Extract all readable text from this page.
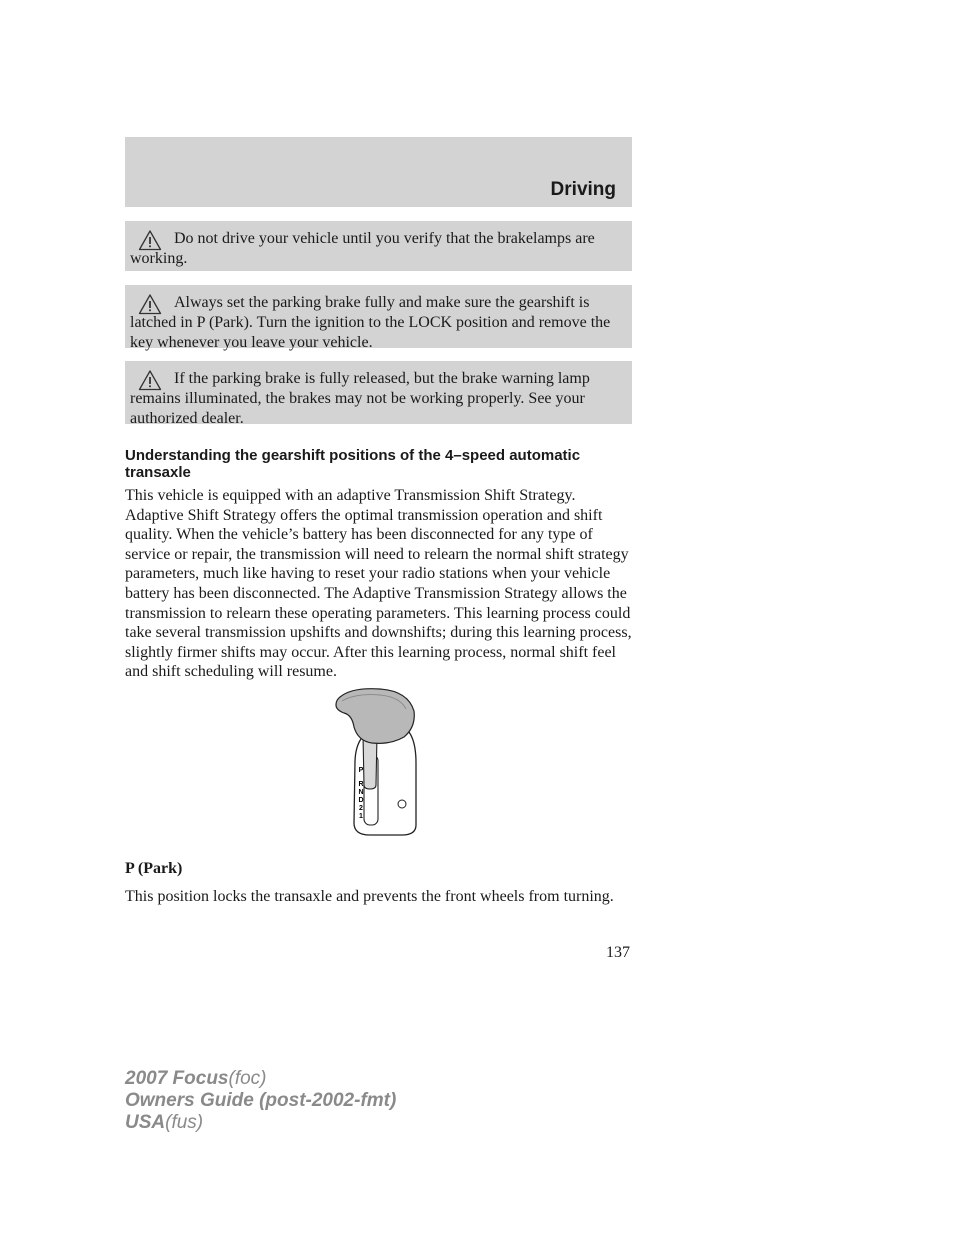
Driving

Do not drive your vehicle until you verify that the brakelamps are working.

Always set the parking brake fully and make sure the gearshift is latched in P (Park). Turn the ignition to the LOCK position and remove the key whenever you leave your vehicle.

If the parking brake is fully released, but the brake warning lamp remains illuminated, the brakes may not be working properly. See your authorized dealer.

Understanding the gearshift positions of the 4–speed automatic transaxle

This vehicle is equipped with an adaptive Transmission Shift Strategy. Adaptive Shift Strategy offers the optimal transmission operation and shift quality. When the vehicle’s battery has been disconnected for any type of service or repair, the transmission will need to relearn the normal shift strategy parameters, much like having to reset your radio stations when your vehicle battery has been disconnected. The Adaptive Transmission Strategy allows the transmission to relearn these operating parameters. This learning process could take several transmission upshifts and downshifts; during this learning process, slightly firmer shifts may occur. After this learning process, normal shift feel and shift scheduling will resume.

P
R
N
D
2
1
P (Park)

This position locks the transaxle and prevents the front wheels from turning.

137
2007 Focus(foc)
Owners Guide (post-2002-fmt)
USA(fus)
